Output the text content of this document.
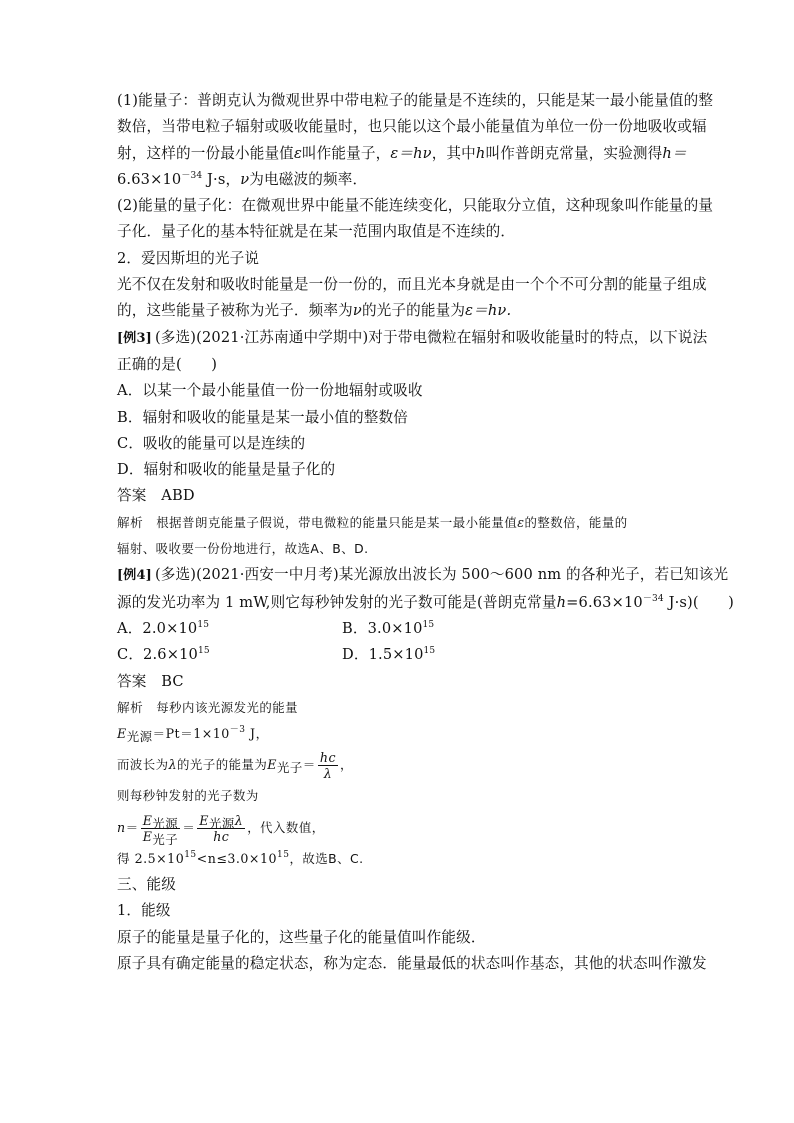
(1)能量子：普朗克认为微观世界中带电粒子的能量是不连续的，只能是某一最小能量值的整
数倍，当带电粒子辐射或吸收能量时，也只能以这个最小能量值为单位一份一份地吸收或辐
射，这样的一份最小能量值ε叫作能量子，ε＝hν，其中h叫作普朗克常量，实验测得h＝
$6.63\times 10^{-34}$ J·s，ν为电磁波的频率．
(2)能量的量子化：在微观世界中能量不能连续变化，只能取分立值，这种现象叫作能量的量
子化．量子化的基本特征就是在某一范围内取值是不连续的．
2．爱因斯坦的光子说
光不仅在发射和吸收时能量是一份一份的，而且光本身就是由一个个不可分割的能量子组成
的，这些能量子被称为光子．频率为ν的光子的能量为ε＝hν.
[例3] (多选)(2021·江苏南通中学期中)对于带电微粒在辐射和吸收能量时的特点，以下说法
正确的是(　　)
A．以某一个最小能量值一份一份地辐射或吸收
B．辐射和吸收的能量是某一最小值的整数倍
C．吸收的能量可以是连续的
D．辐射和吸收的能量是量子化的
答案　 ABD
解析　 根据普朗克能量子假说，带电微粒的能量只能是某一最小能量值ε的整数倍，能量的
辐射、吸收要一份份地进行，故选A、B、D.
[例4] (多选)(2021·西安一中月考)某光源放出波长为 500～600 nm 的各种光子，若已知该光
源的发光功率为 1 mW,则它每秒钟发射的光子数可能是(普朗克常量$h=6.63\times 10^{-34}$ J·s)(　　)
A．$2.0\times 10^{15}$	B．$3.0\times 10^{15}$
C．$2.6\times 10^{15}$	D．$1.5\times 10^{15}$
答案　 BC
解析　 每秒内该光源发光的能量
$E_{光源}=Pt=1\times 10^{-3}$ J，
而波长为λ的光子的能量为$E_{光子}= \frac{hc}{\lambda}$ ，
则每秒钟发射的光子数为
$n= \frac{E_{光源}}{E_{光子}} = \frac{E_{光源}\lambda}{hc}$ ，代入数值，
得 $2.5\times 10^{15}<n\le 3.0\times 10^{15}$，故选B、C.
三、能级
1．能级
原子的能量是量子化的，这些量子化的能量值叫作能级．
原子具有确定能量的稳定状态，称为定态．能量最低的状态叫作基态，其他的状态叫作激发
